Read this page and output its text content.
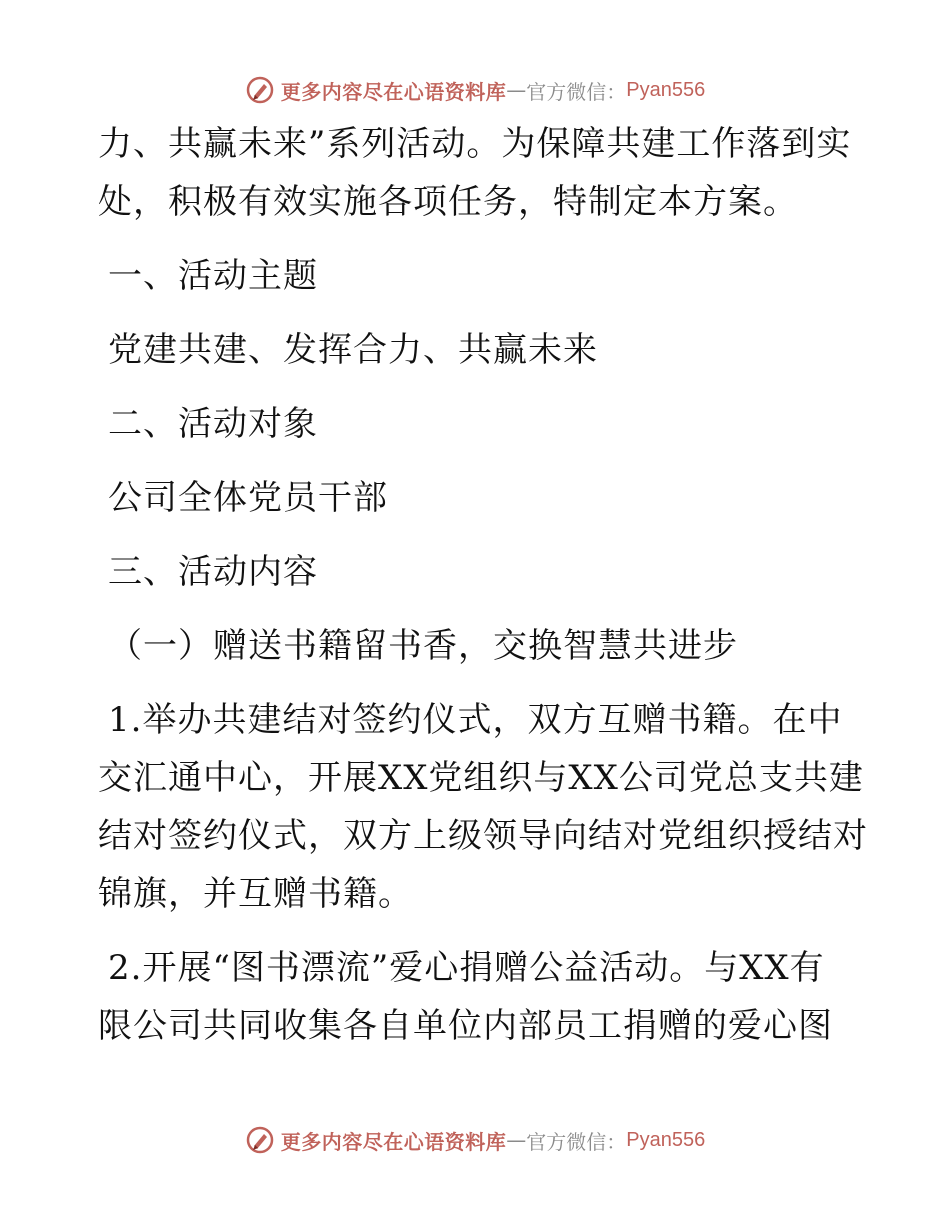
更多内容尽在心语资料库 — 官方微信： Pyan556
力、共赢未来”系列活动。为保障共建工作落到实
处，积极有效实施各项任务，特制定本方案。
一、活动主题
党建共建、发挥合力、共赢未来
二、活动对象
公司全体党员干部
三、活动内容
（一）赠送书籍留书香，交换智慧共进步
1.举办共建结对签约仪式，双方互赠书籍。在中
交汇通中心，开展XX党组织与XX公司党总支共建
结对签约仪式，双方上级领导向结对党组织授结对
锦旗，并互赠书籍。
2.开展“图书漂流”爱心捐赠公益活动。与XX有
限公司共同收集各自单位内部员工捐赠的爱心图
更多内容尽在心语资料库 — 官方微信： Pyan556
